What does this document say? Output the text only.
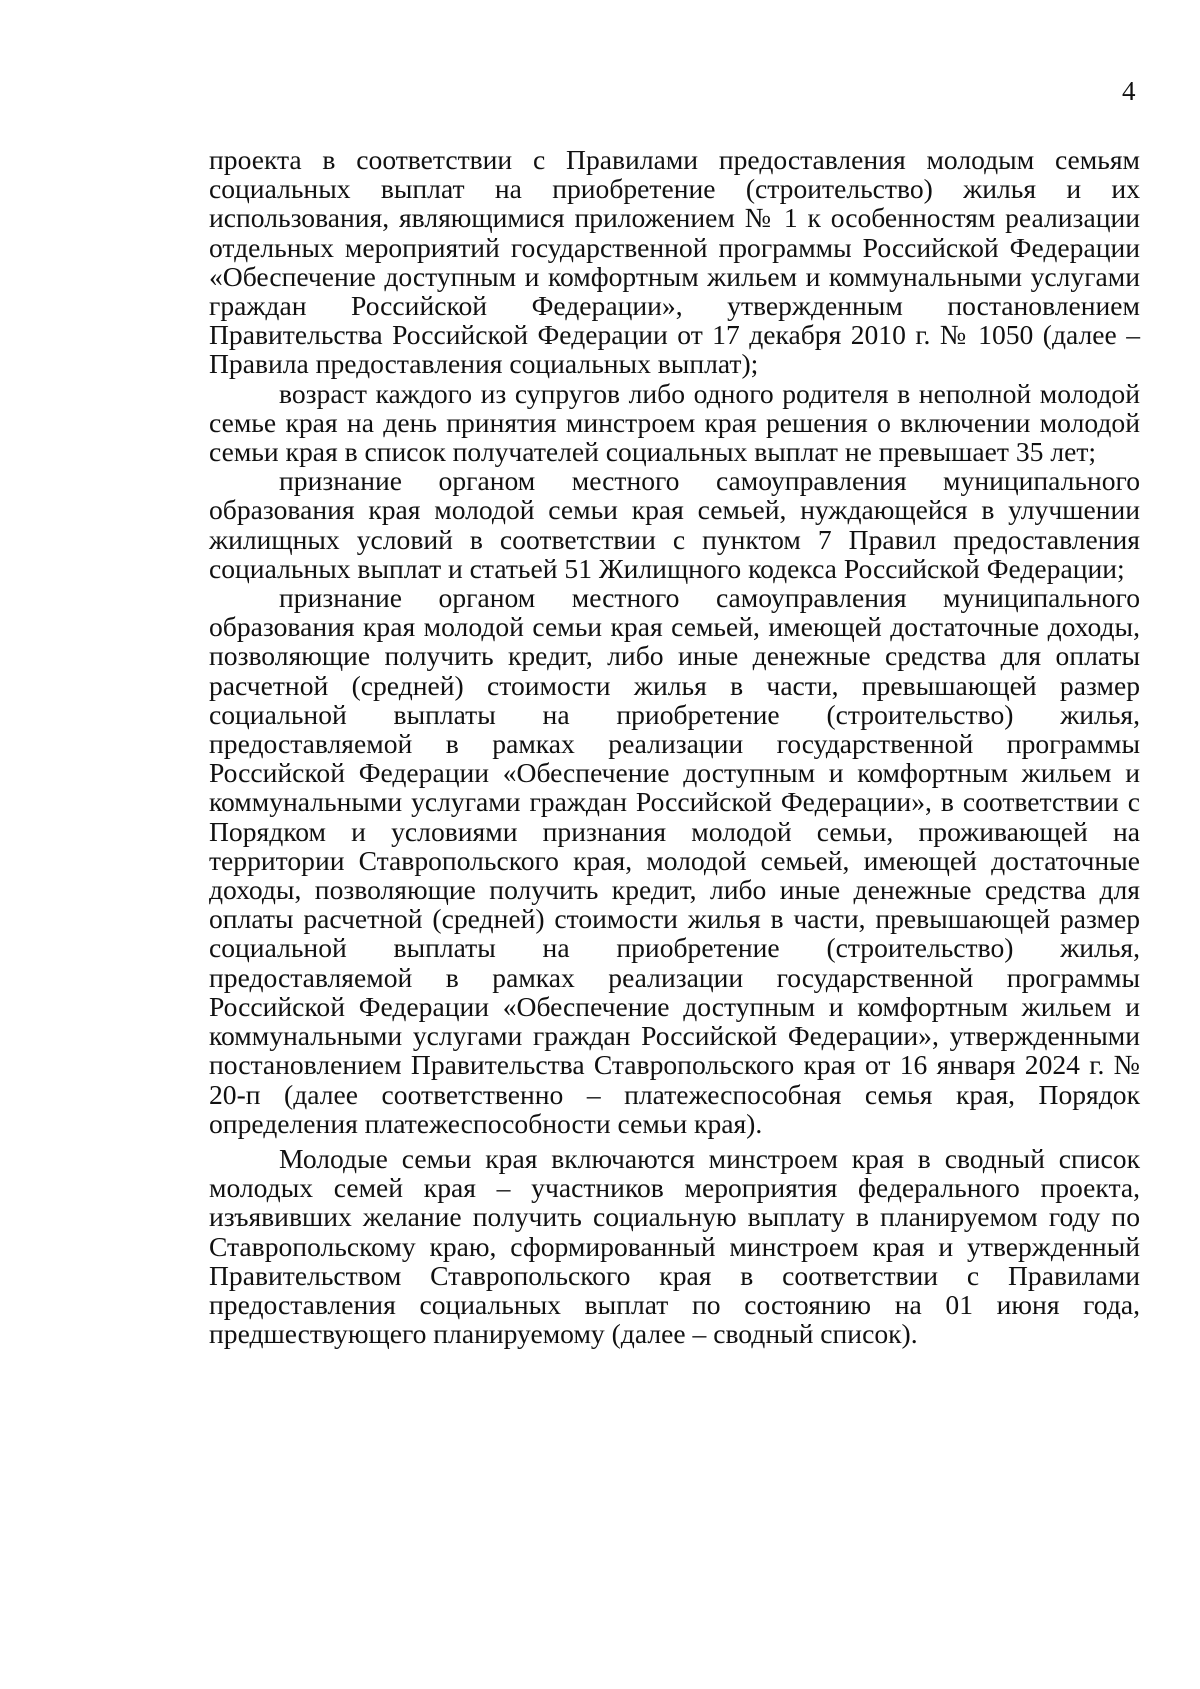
4

проекта в соответствии с Правилами предоставления молодым семьям социальных выплат на приобретение (строительство) жилья и их использования, являющимися приложением № 1 к особенностям реализации отдельных мероприятий государственной программы Российской Федерации «Обеспечение доступным и комфортным жильем и коммунальными услугами граждан Российской Федерации», утвержденным постановлением Правительства Российской Федерации от 17 декабря 2010 г. № 1050 (далее – Правила предоставления социальных выплат);

возраст каждого из супругов либо одного родителя в неполной молодой семье края на день принятия минстроем края решения о включении молодой семьи края в список получателей социальных выплат не превышает 35 лет;

признание органом местного самоуправления муниципального образования края молодой семьи края семьей, нуждающейся в улучшении жилищных условий в соответствии с пунктом 7 Правил предоставления социальных выплат и статьей 51 Жилищного кодекса Российской Федерации;

признание органом местного самоуправления муниципального образования края молодой семьи края семьей, имеющей достаточные доходы, позволяющие получить кредит, либо иные денежные средства для оплаты расчетной (средней) стоимости жилья в части, превышающей размер социальной выплаты на приобретение (строительство) жилья, предоставляемой в рамках реализации государственной программы Российской Федерации «Обеспечение доступным и комфортным жильем и коммунальными услугами граждан Российской Федерации», в соответствии с Порядком и условиями признания молодой семьи, проживающей на территории Ставропольского края, молодой семьей, имеющей достаточные доходы, позволяющие получить кредит, либо иные денежные средства для оплаты расчетной (средней) стоимости жилья в части, превышающей размер социальной выплаты на приобретение (строительство) жилья, предоставляемой в рамках реализации государственной программы Российской Федерации «Обеспечение доступным и комфортным жильем и коммунальными услугами граждан Российской Федерации», утвержденными постановлением Правительства Ставропольского края от 16 января 2024 г. № 20-п (далее соответственно – платежеспособная семья края, Порядок определения платежеспособности семьи края).

Молодые семьи края включаются минстроем края в сводный список молодых семей края – участников мероприятия федерального проекта, изъявивших желание получить социальную выплату в планируемом году по Ставропольскому краю, сформированный минстроем края и утвержденный Правительством Ставропольского края в соответствии с Правилами предоставления социальных выплат по состоянию на 01 июня года, предшествующего планируемому (далее – сводный список).
